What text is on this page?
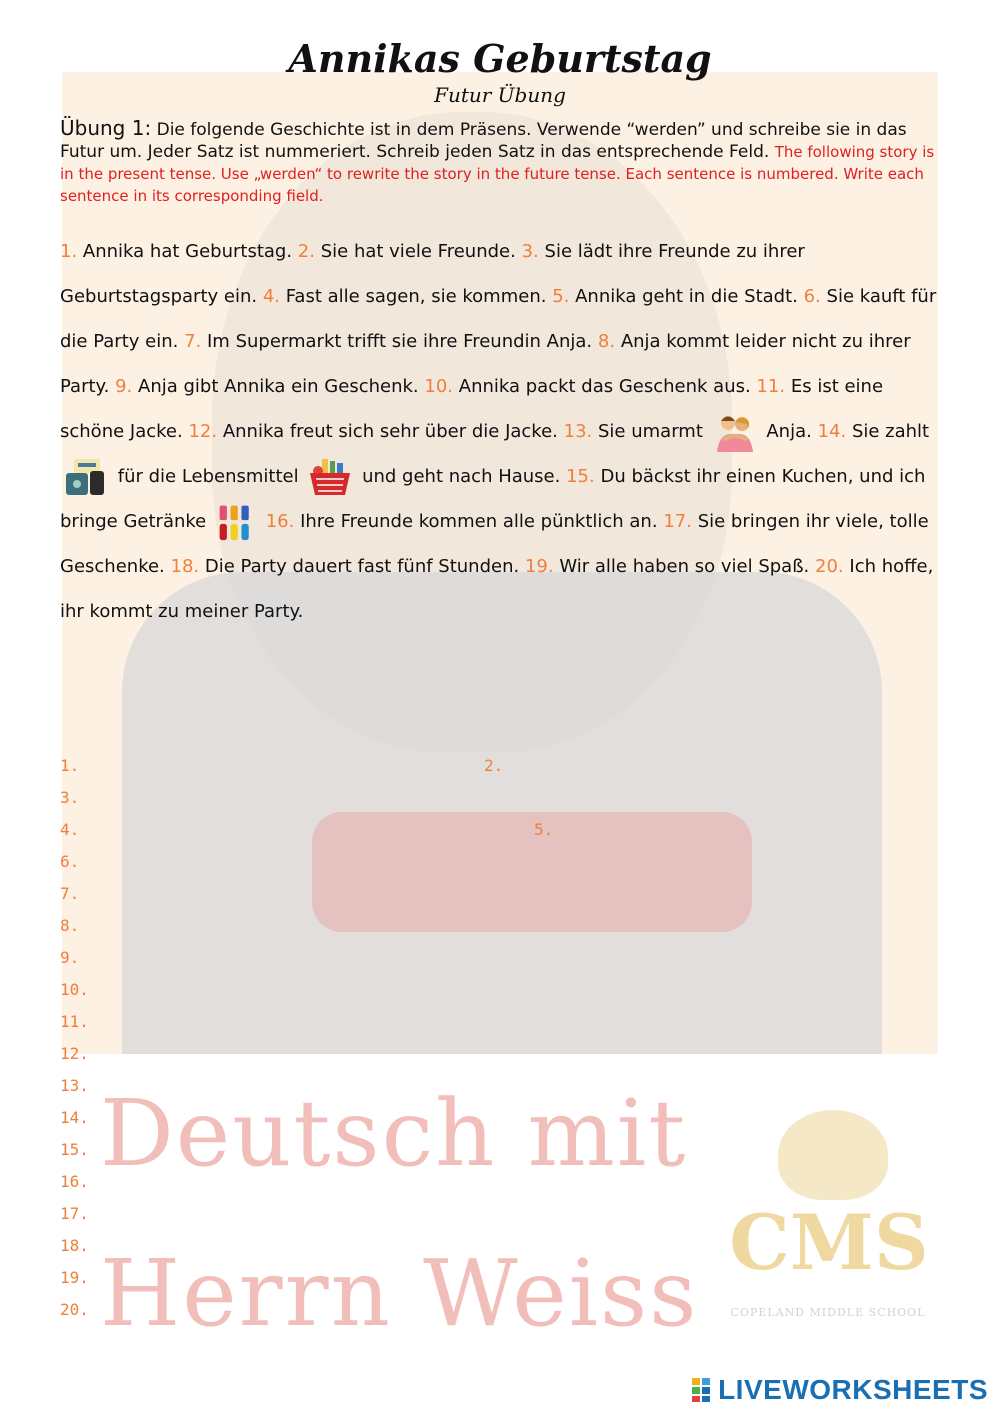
Deutsch mit
Herrn Weiss CMS
COPELAND MIDDLE SCHOOL
Annikas Geburtstag
Futur Übung

Übung 1: Die folgende Geschichte ist in dem Präsens. Verwende “werden” und schreibe sie in das Futur um. Jeder Satz ist nummeriert. Schreib jeden Satz in das entsprechende Feld. The following story is in the present tense. Use „werden“ to rewrite the story in the future tense. Each sentence is numbered. Write each sentence in its corresponding field.

1. Annika hat Geburtstag. 2. Sie hat viele Freunde. 3. Sie lädt ihre Freunde zu ihrer Geburtstagsparty ein. 4. Fast alle sagen, sie kommen. 5. Annika geht in die Stadt. 6. Sie kauft für die Party ein. 7. Im Supermarkt trifft sie ihre Freundin Anja. 8. Anja kommt leider nicht zu ihrer Party. 9. Anja gibt Annika ein Geschenk. 10. Annika packt das Geschenk aus. 11. Es ist eine schöne Jacke. 12. Annika freut sich sehr über die Jacke. 13. Sie umarmt	Anja. 14. Sie zahlt  für die Lebensmittel	und geht nach Hause. 15. Du bäckst ihr einen Kuchen, und ich bringe Getränke	16. Ihre Freunde kommen alle pünktlich an. 17. Sie bringen ihr viele, tolle Geschenke. 18. Die Party dauert fast fünf Stunden. 19. Wir alle haben so viel Spaß. 20. Ich hoffe, ihr kommt zu meiner Party.
1.	2.
3.
4.	5.
6.
7.
8.
9.
10.
11.
12.
13.
14.
15.
16.
17.
18.
19.
20.
LIVEWORKSHEETS
